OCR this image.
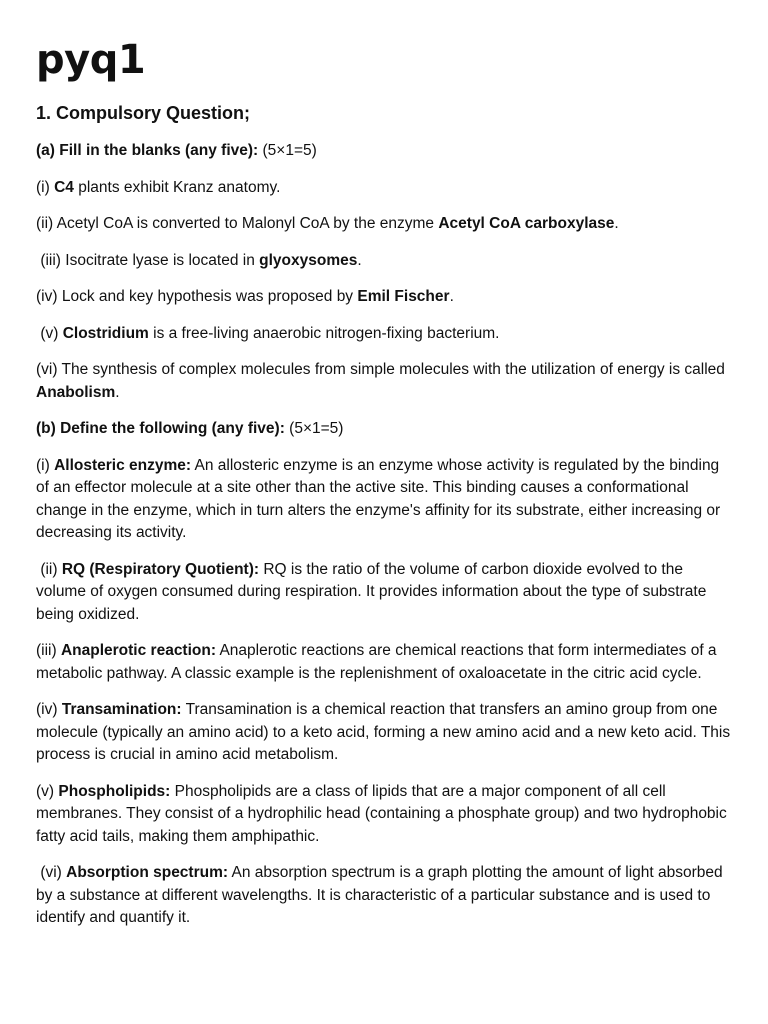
pyq1
1. Compulsory Question;

(a) Fill in the blanks (any five): (5×1=5)

(i) C4 plants exhibit Kranz anatomy.

(ii) Acetyl CoA is converted to Malonyl CoA by the enzyme Acetyl CoA carboxylase.

(iii) Isocitrate lyase is located in glyoxysomes.

(iv) Lock and key hypothesis was proposed by Emil Fischer.

(v) Clostridium is a free-living anaerobic nitrogen-fixing bacterium.

(vi) The synthesis of complex molecules from simple molecules with the utilization of energy is called Anabolism.

(b) Define the following (any five): (5×1=5)

(i) Allosteric enzyme: An allosteric enzyme is an enzyme whose activity is regulated by the binding of an effector molecule at a site other than the active site. This binding causes a conformational change in the enzyme, which in turn alters the enzyme's affinity for its substrate, either increasing or decreasing its activity.

(ii) RQ (Respiratory Quotient): RQ is the ratio of the volume of carbon dioxide evolved to the volume of oxygen consumed during respiration. It provides information about the type of substrate being oxidized.

(iii) Anaplerotic reaction: Anaplerotic reactions are chemical reactions that form intermediates of a metabolic pathway. A classic example is the replenishment of oxaloacetate in the citric acid cycle.

(iv) Transamination: Transamination is a chemical reaction that transfers an amino group from one molecule (typically an amino acid) to a keto acid, forming a new amino acid and a new keto acid. This process is crucial in amino acid metabolism.

(v) Phospholipids: Phospholipids are a class of lipids that are a major component of all cell membranes. They consist of a hydrophilic head (containing a phosphate group) and two hydrophobic fatty acid tails, making them amphipathic.

(vi) Absorption spectrum: An absorption spectrum is a graph plotting the amount of light absorbed by a substance at different wavelengths. It is characteristic of a particular substance and is used to identify and quantify it.
